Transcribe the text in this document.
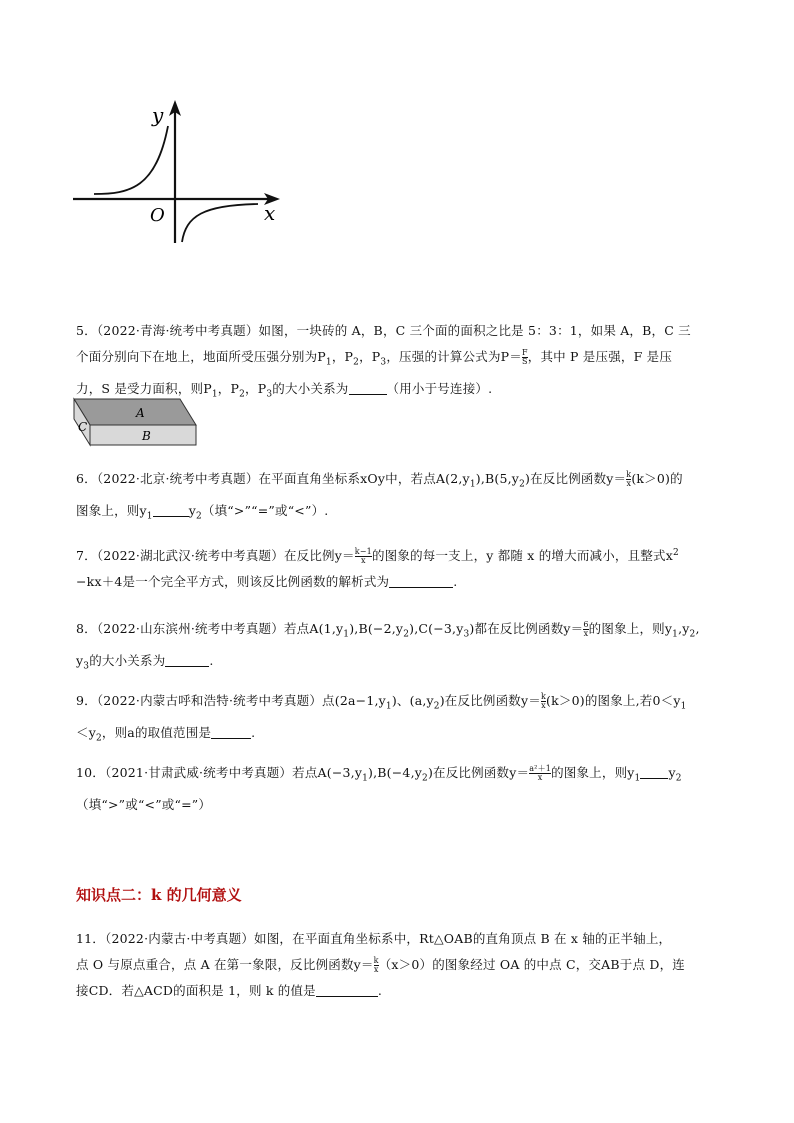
y
x
O
5．（2022·青海·统考中考真题）如图，一块砖的 A，B，C 三个面的面积之比是 5：3：1，如果 A，B，C 三
个面分别向下在地上，地面所受压强分别为$P_1$，$P_2$，$P_3$，压强的计算公式为$P= \frac{F}{S}$ ，其中 P 是压强，F 是压
力，S 是受力面积，则$P_1$，$P_2$，$P_3$的大小关系为	（用小于号连接）.
A
B
C
6．（2022·北京·统考中考真题）在平面直角坐标系xOy中，若点$A(2,y_1),B(5,y_2)$在反比例函数$y= \frac{k}{x} (k>0)$的
图象上，则$y_1$	$y_2$（填“>”“=”或“<”）.
7．（2022·湖北武汉·统考中考真题）在反比例$y= \frac{k-1}{x}$ 的图象的每一支上，y 都随 x 的增大而减小，且整式$x^2$
−kx＋4是一个完全平方式，则该反比例函数的解析式为	.
8．（2022·山东滨州·统考中考真题）若点$A(1,y_1),B(-2,y_2),C(-3,y_3)$都在反比例函数$y= \frac{6}{x}$ 的图象上，则$y_1,y_2$,
$y_3$的大小关系为	.
9．（2022·内蒙古呼和浩特·统考中考真题）点$(2a-1,y_1)$、$(a,y_2)$在反比例函数$y= \frac{k}{x} (k>0)$的图象上,若$0<y_1$
$<y_2$，则a的取值范围是	.
10．（2021·甘肃武威·统考中考真题）若点$A(-3,y_1),B(-4,y_2)$在反比例函数$y= \frac{\text{a²＋1}}{x}$ 的图象上，则$y_1$ $y_2$
（填“>”或“<”或“=”）
知识点二：k 的几何意义
11．（2022·内蒙古·中考真题）如图，在平面直角坐标系中，Rt△OAB的直角顶点 B 在 x 轴的正半轴上，
点 O 与原点重合，点 A 在第一象限，反比例函数$y= \frac{k}{x} (x>0)$的图象经过 OA 的中点 C，交AB于点 D，连
接CD．若△ACD的面积是 1，则 k 的值是	.
